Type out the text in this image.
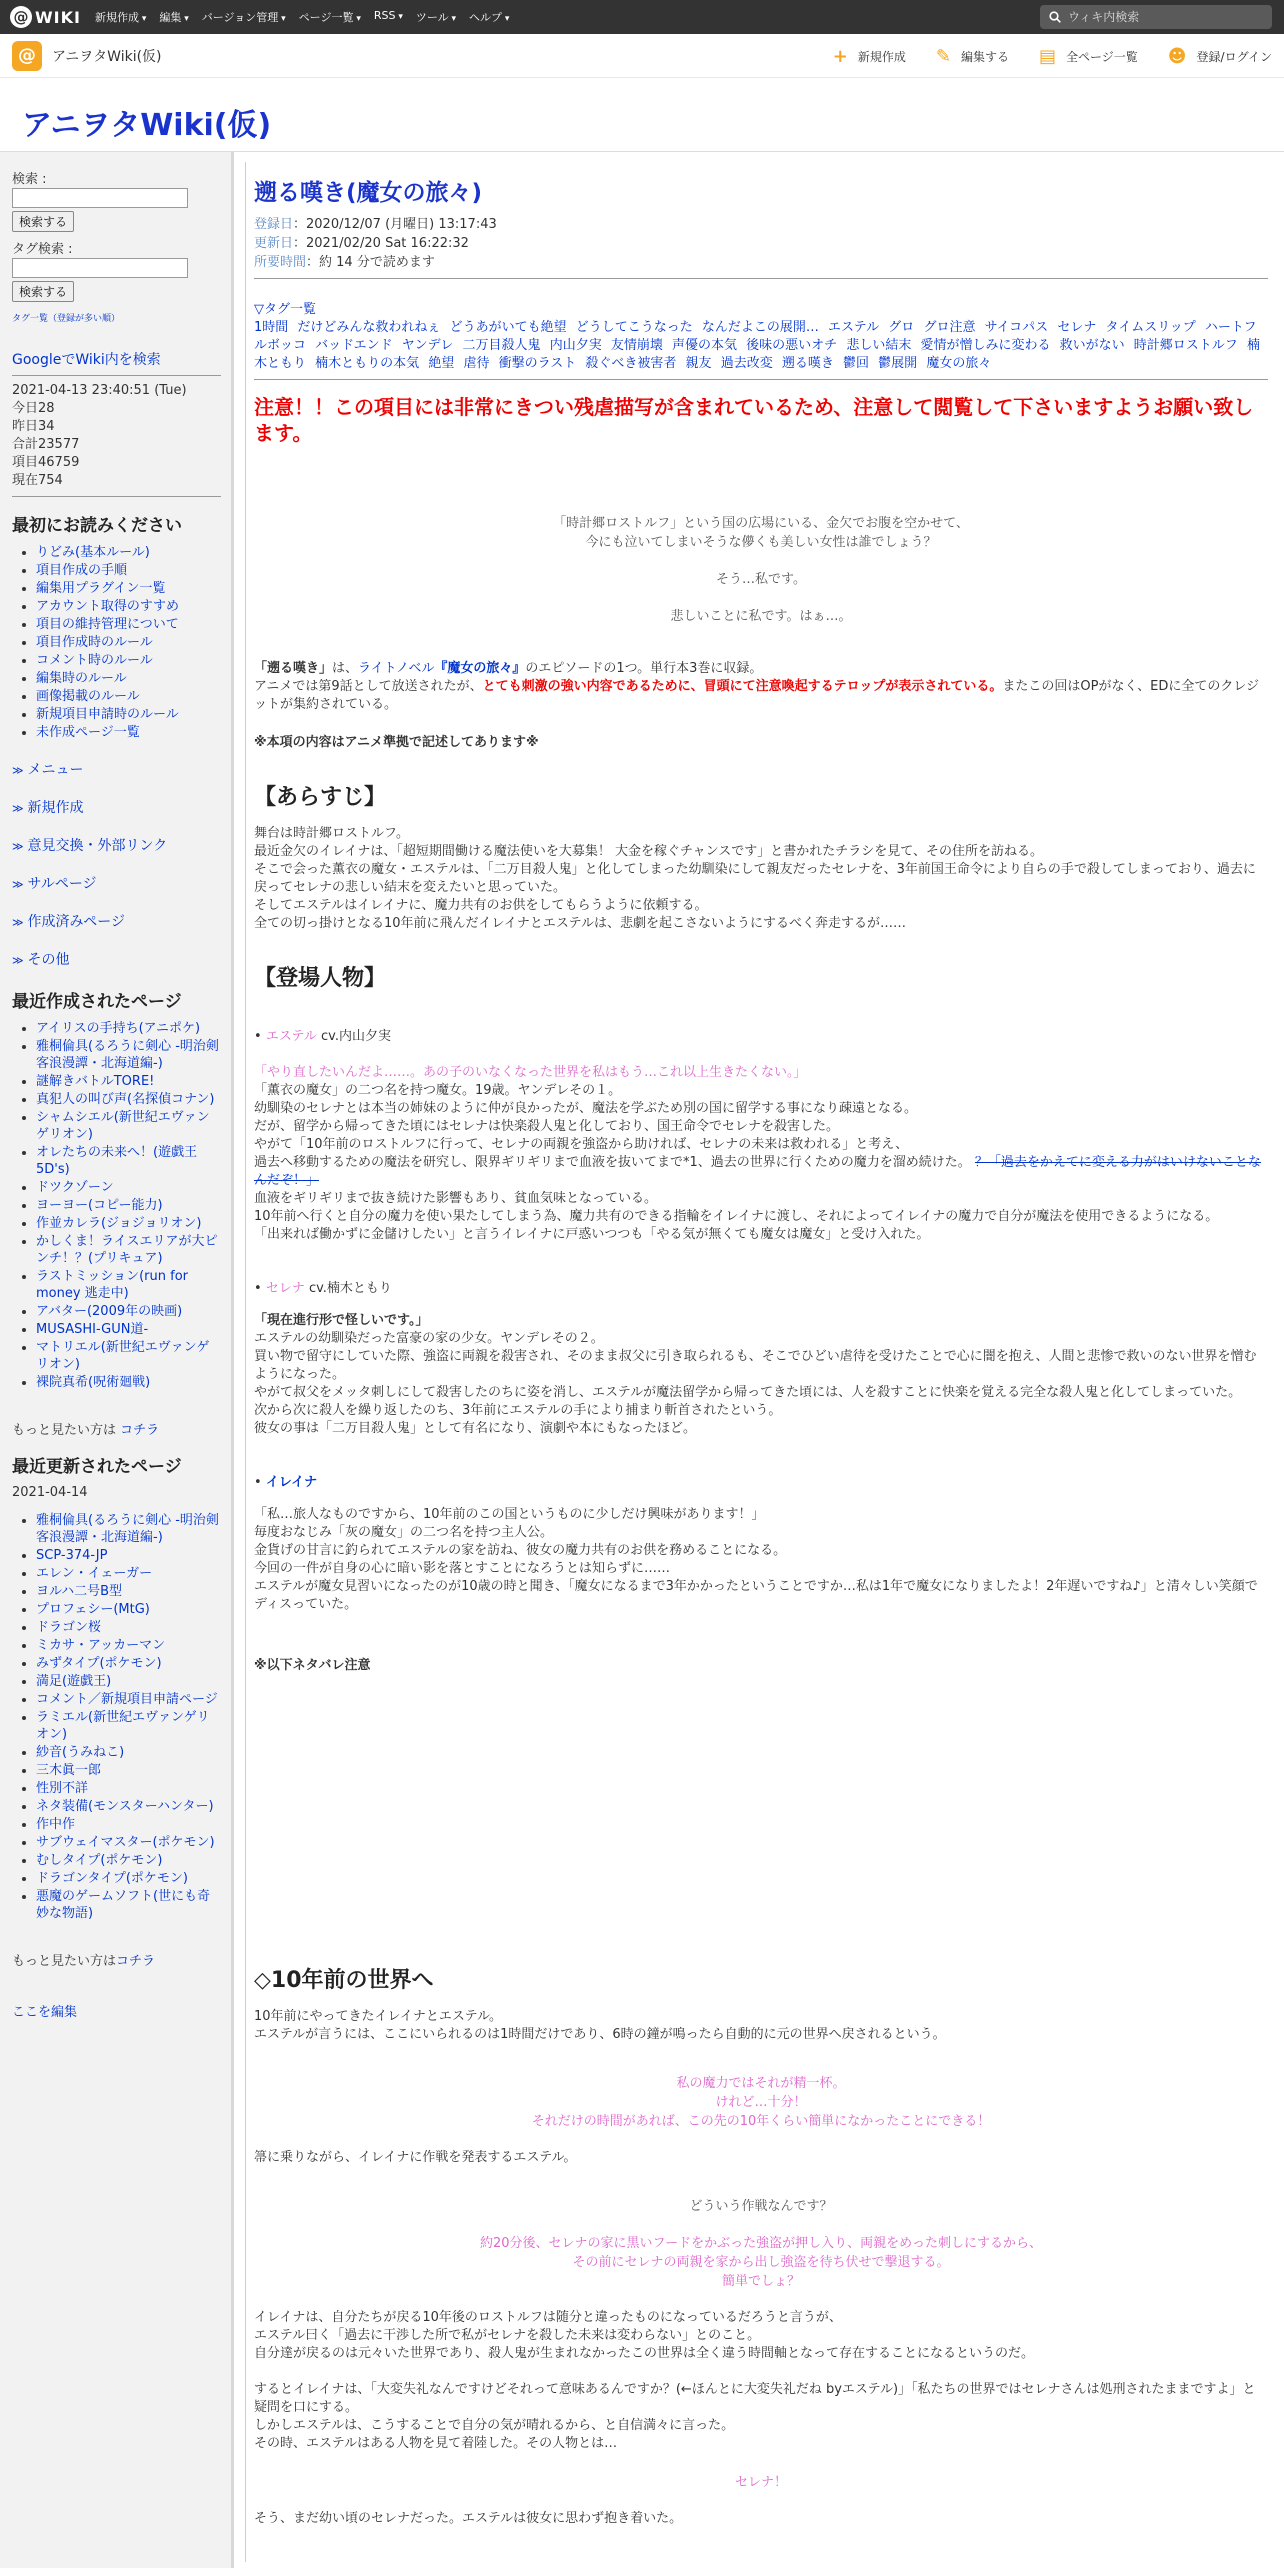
@ WIKI 新規作成 ▾	編集 ▾	バージョン管理 ▾	ページ一覧 ▾	RSS ▾	ツール ▾	ヘルプ ▾
ウィキ内検索
@	アニヲタWiki(仮)	+ 新規作成 ✎ 編集する ▤ 全ページ一覧 ☻ 登録/ログイン
アニヲタWiki(仮)
検索 :
検索する
タグ検索 :
検索する
タグ一覧（登録が多い順）
GoogleでWiki内を検索
2021-04-13 23:40:51 (Tue)
今日28
昨日34
合計23577
項目46759
現在754
最初にお読みください
• りどみ(基本ルール)
• 項目作成の手順
• 編集用プラグイン一覧
• アカウント取得のすすめ
• 項目の維持管理について
• 項目作成時のルール
• コメント時のルール
• 編集時のルール
• 画像掲載のルール
• 新規項目申請時のルール
• 未作成ページ一覧
≫ メニュー
≫ 新規作成
≫ 意見交換・外部リンク
≫ サルページ
≫ 作成済みページ
≫ その他
最近作成されたページ
• アイリスの手持ち(アニポケ)
• 雅桐倫具(るろうに剣心 -明治剣客浪漫譚・北海道編-)
• 謎解きバトルTORE!
• 真犯人の叫び声(名探偵コナン)
• シャムシエル(新世紀エヴァンゲリオン)
• オレたちの未来へ！(遊戯王5D's)
• ドツクゾーン
• ヨーヨー(コピー能力)
• 作並カレラ(ジョジョリオン)
• かしくま！ライスエリアが大ピンチ！？(プリキュア)
• ラストミッション(run for money 逃走中)
• アバター(2009年の映画)
• MUSASHI-GUN道-
• マトリエル(新世紀エヴァンゲリオン)
• 裸院真希(呪術廻戦)
もっと見たい方は コチラ
最近更新されたページ
2021-04-14
• 雅桐倫具(るろうに剣心 -明治剣客浪漫譚・北海道編-)
• SCP-374-JP
• エレン・イェーガー
• ヨルハ二号B型
• プロフェシー(MtG)
• ドラゴン桜
• ミカサ・アッカーマン
• みずタイプ(ポケモン)
• 満足(遊戯王)
• コメント／新規項目申請ページ
• ラミエル(新世紀エヴァンゲリオン)
• 紗音(うみねこ)
• 三木眞一郎
• 性別不詳
• ネタ装備(モンスターハンター)
• 作中作
• サブウェイマスター(ポケモン)
• むしタイプ(ポケモン)
• ドラゴンタイプ(ポケモン)
• 悪魔のゲームソフト(世にも奇妙な物語)
もっと見たい方はコチラ
ここを編集
遡る嘆き(魔女の旅々)
登録日：2020/12/07 (月曜日) 13:17:43
更新日：2021/02/20 Sat 16:22:32
所要時間：約 14 分で読めます
▽タグ一覧
1時間 だけどみんな救われねぇ どうあがいても絶望 どうしてこうなった なんだよこの展開… エステル グロ グロ注意 サイコパス セレナ タイムスリップ ハートフルボッコ バッドエンド ヤンデレ 二万目殺人鬼 内山夕実 友情崩壊 声優の本気 後味の悪いオチ 悲しい結末 愛情が憎しみに変わる 救いがない 時計郷ロストルフ 楠木ともり 楠木ともりの本気 絶望 虐待 衝撃のラスト 殺ぐべき被害者 親友 過去改変 遡る嘆き 鬱回 鬱展開 魔女の旅々
注意！！この項目には非常にきつい残虐描写が含まれているため、注意して閲覧して下さいますようお願い致します。
「時計郷ロストルフ」という国の広場にいる、金欠でお腹を空かせて、
今にも泣いてしまいそうな儚くも美しい女性は誰でしょう？
そう…私です。
悲しいことに私です。はぁ…。

「遡る嘆き」は、ライトノベル『魔女の旅々』のエピソードの1つ。単行本3巻に収録。

アニメでは第9話として放送されたが、とても刺激の強い内容であるために、冒頭にて注意喚起するテロップが表示されている。またこの回はOPがなく、EDに全てのクレジットが集約されている。

※本項の内容はアニメ準拠で記述してあります※

【あらすじ】

舞台は時計郷ロストルフ。

最近金欠のイレイナは、「超短期間働ける魔法使いを大募集！ 大金を稼ぐチャンスです」と書かれたチラシを見て、その住所を訪ねる。

そこで会った薫衣の魔女・エステルは、「二万目殺人鬼」と化してしまった幼馴染にして親友だったセレナを、3年前国王命令により自らの手で殺してしまっており、過去に戻ってセレナの悲しい結末を変えたいと思っていた。

そしてエステルはイレイナに、魔力共有のお供をしてもらうように依頼する。

全ての切っ掛けとなる10年前に飛んだイレイナとエステルは、悲劇を起こさないようにするべく奔走するが……

【登場人物】

• エステル cv.内山夕実

「やり直したいんだよ……。あの子のいなくなった世界を私はもう…これ以上生きたくない。」

「薫衣の魔女」の二つ名を持つ魔女。19歳。ヤンデレその１。

幼馴染のセレナとは本当の姉妹のように仲が良かったが、魔法を学ぶため別の国に留学する事になり疎遠となる。

だが、留学から帰ってきた頃にはセレナは快楽殺人鬼と化しており、国王命令でセレナを殺害した。

やがて「10年前のロストルフに行って、セレナの両親を強盗から助ければ、セレナの未来は救われる」と考え、

過去へ移動するための魔法を研究し、限界ギリギリまで血液を抜いてまで*1、過去の世界に行くための魔力を溜め続けた。 ？「過去をかえてに変える力がはいけないことなんだぞ！」

血液をギリギリまで抜き続けた影響もあり、貧血気味となっている。

10年前へ行くと自分の魔力を使い果たしてしまう為、魔力共有のできる指輪をイレイナに渡し、それによってイレイナの魔力で自分が魔法を使用できるようになる。

「出来れば働かずに金儲けしたい」と言うイレイナに戸惑いつつも「やる気が無くても魔女は魔女」と受け入れた。

• セレナ cv.楠木ともり

「現在進行形で怪しいです。」

エステルの幼馴染だった富豪の家の少女。ヤンデレその２。

買い物で留守にしていた際、強盗に両親を殺害され、そのまま叔父に引き取られるも、そこでひどい虐待を受けたことで心に闇を抱え、人間と悲惨で救いのない世界を憎むようになった。

やがて叔父をメッタ刺しにして殺害したのちに姿を消し、エステルが魔法留学から帰ってきた頃には、人を殺すことに快楽を覚える完全な殺人鬼と化してしまっていた。

次から次に殺人を繰り返したのち、3年前にエステルの手により捕まり斬首されたという。

彼女の事は「二万目殺人鬼」として有名になり、演劇や本にもなったほど。

• イレイナ

「私…旅人なものですから、10年前のこの国というものに少しだけ興味があります！」

毎度おなじみ「灰の魔女」の二つ名を持つ主人公。

金貨げの甘言に釣られてエステルの家を訪ね、彼女の魔力共有のお供を務めることになる。

今回の一件が自身の心に暗い影を落とすことになろうとは知らずに……

エステルが魔女見習いになったのが10歳の時と聞き、「魔女になるまで3年かかったということですか…私は1年で魔女になりましたよ！2年遅いですね♪」と清々しい笑顔でディスっていた。

※以下ネタバレ注意

◇10年前の世界へ

10年前にやってきたイレイナとエステル。

エステルが言うには、ここにいられるのは1時間だけであり、6時の鐘が鳴ったら自動的に元の世界へ戻されるという。

私の魔力ではそれが精一杯。
けれど…十分！
それだけの時間があれば、この先の10年くらい簡単になかったことにできる！

箒に乗りながら、イレイナに作戦を発表するエステル。

どういう作戦なんです？
約20分後、セレナの家に黒いフードをかぶった強盗が押し入り、両親をめった刺しにするから、
その前にセレナの両親を家から出し強盗を待ち伏せで撃退する。
簡単でしょ？

イレイナは、自分たちが戻る10年後のロストルフは随分と違ったものになっているだろうと言うが、

エステル曰く「過去に干渉した所で私がセレナを殺した未来は変わらない」とのこと。

自分達が戻るのは元々いた世界であり、殺人鬼が生まれなかったこの世界は全く違う時間軸となって存在することになるというのだ。

するとイレイナは、「大変失礼なんですけどそれって意味あるんですか？(←ほんとに大変失礼だね byエステル)」「私たちの世界ではセレナさんは処刑されたままですよ」と疑問を口にする。

しかしエステルは、こうすることで自分の気が晴れるから、と自信満々に言った。

その時、エステルはある人物を見て着陸した。その人物とは…

セレナ！

そう、まだ幼い頃のセレナだった。エステルは彼女に思わず抱き着いた。
